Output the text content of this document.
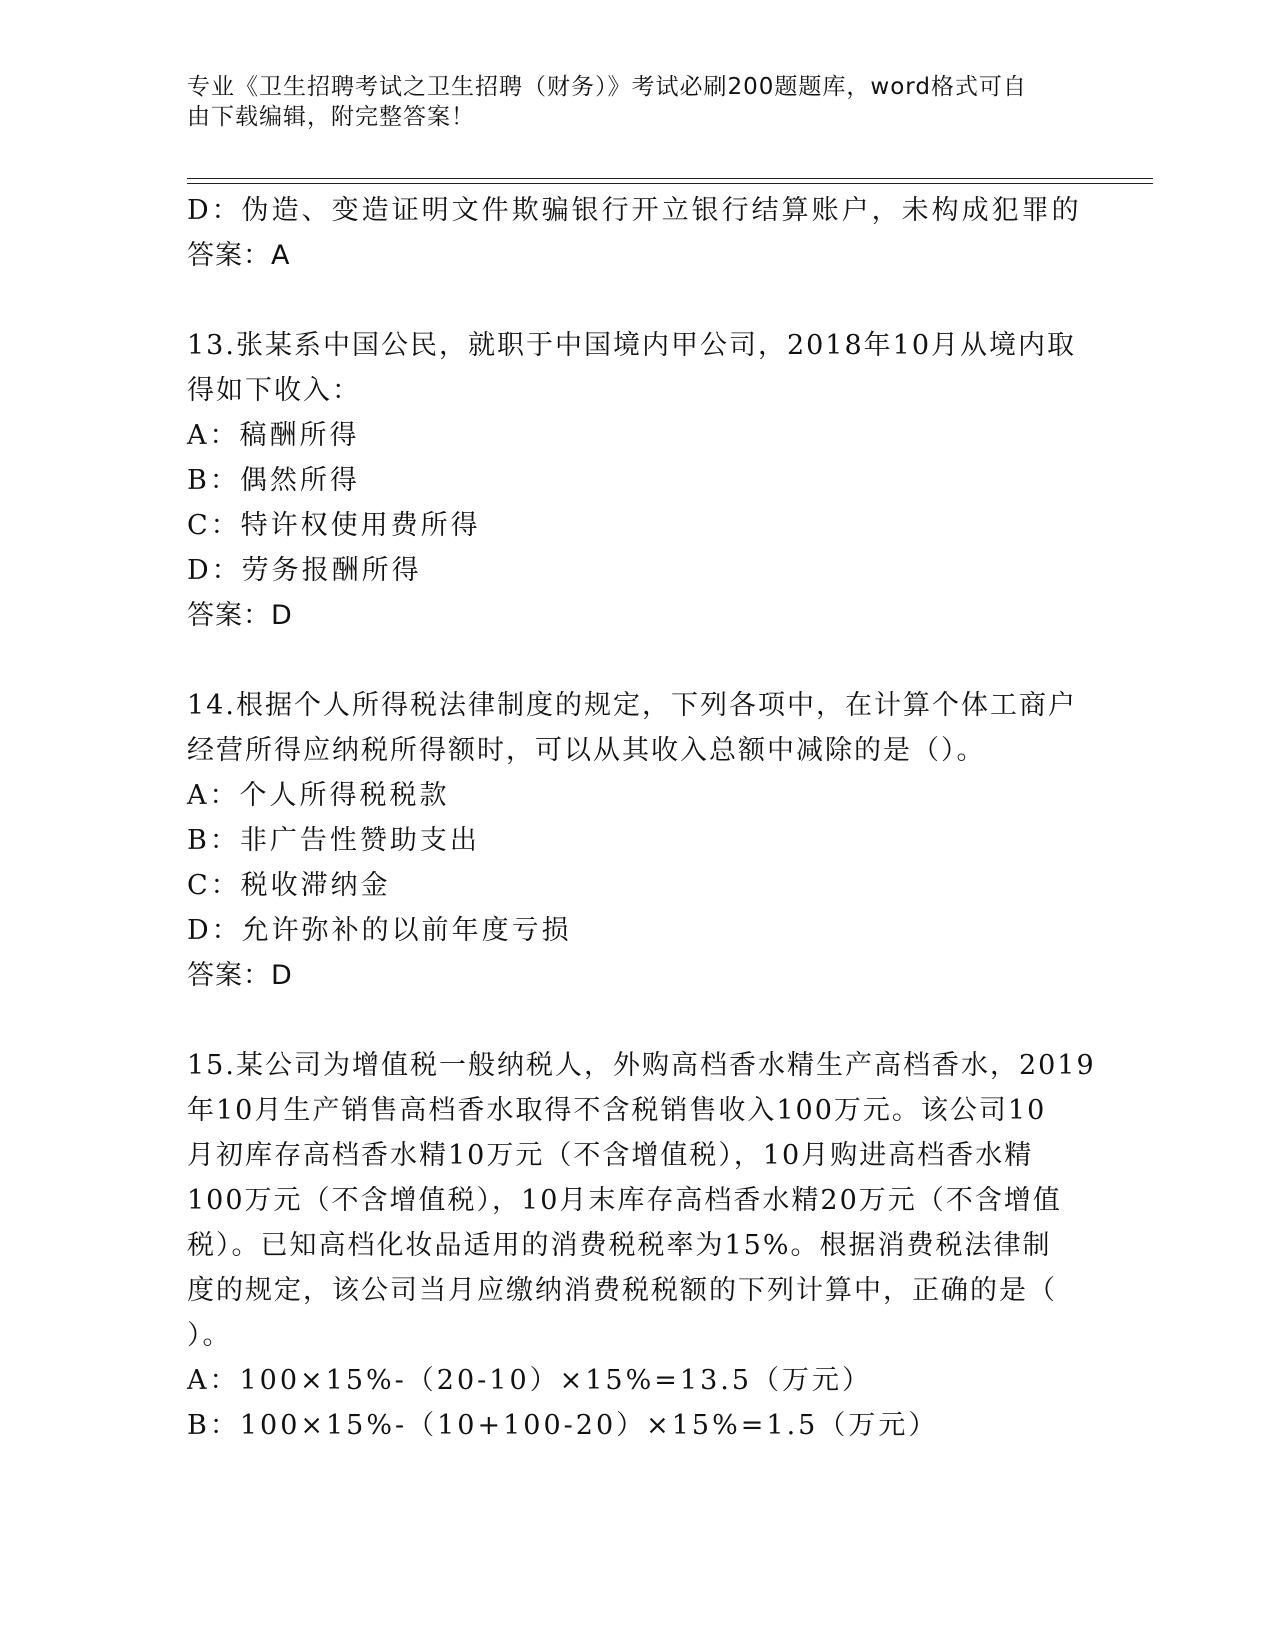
专业《卫生招聘考试之卫生招聘（财务）》考试必刷200题题库，word格式可自
由下载编辑，附完整答案！
D：伪造、变造证明文件欺骗银行开立银行结算账户，未构成犯罪的
答案：A
13.张某系中国公民，就职于中国境内甲公司，2018年10月从境内取
得如下收入：
A：稿酬所得
B：偶然所得
C：特许权使用费所得
D：劳务报酬所得
答案：D
14.根据个人所得税法律制度的规定，下列各项中，在计算个体工商户
经营所得应纳税所得额时，可以从其收入总额中减除的是（）。
A：个人所得税税款
B：非广告性赞助支出
C：税收滞纳金
D：允许弥补的以前年度亏损
答案：D
15.某公司为增值税一般纳税人，外购高档香水精生产高档香水，2019
年10月生产销售高档香水取得不含税销售收入100万元。该公司10
月初库存高档香水精10万元（不含增值税），10月购进高档香水精
100万元（不含增值税），10月末库存高档香水精20万元（不含增值
税）。已知高档化妆品适用的消费税税率为15%。根据消费税法律制
度的规定，该公司当月应缴纳消费税税额的下列计算中，正确的是（
）。
A：100×15%-（20-10）×15%=13.5（万元）
B：100×15%-（10+100-20）×15%=1.5（万元）
